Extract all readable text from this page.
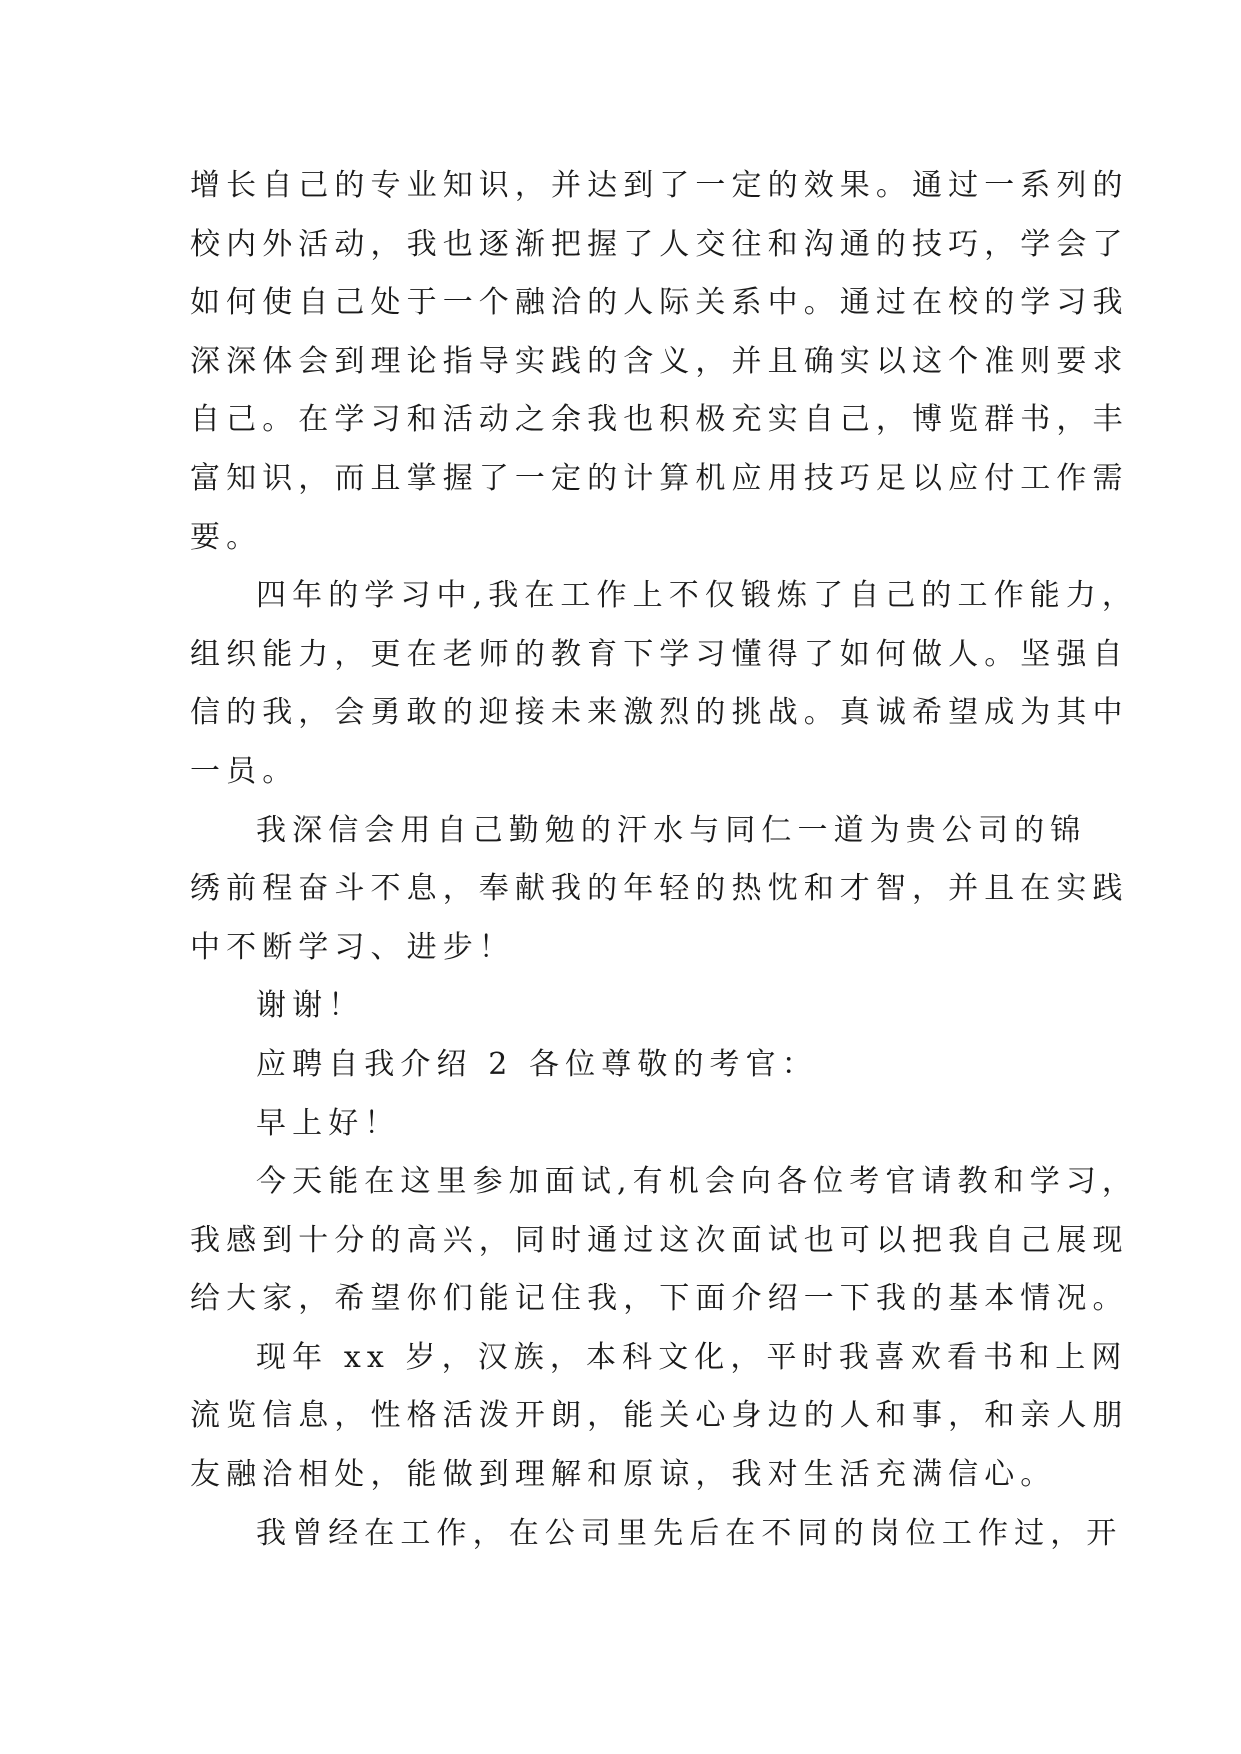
增长自己的专业知识，并达到了一定的效果。通过一系列的
校内外活动，我也逐渐把握了人交往和沟通的技巧，学会了
如何使自己处于一个融洽的人际关系中。通过在校的学习我
深深体会到理论指导实践的含义，并且确实以这个准则要求
自己。在学习和活动之余我也积极充实自己，博览群书，丰
富知识，而且掌握了一定的计算机应用技巧足以应付工作需
要。
四年的学习中,我在工作上不仅锻炼了自己的工作能力，
组织能力，更在老师的教育下学习懂得了如何做人。坚强自
信的我，会勇敢的迎接未来激烈的挑战。真诚希望成为其中
一员。
我深信会用自己勤勉的汗水与同仁一道为贵公司的锦
绣前程奋斗不息，奉献我的年轻的热忱和才智，并且在实践
中不断学习、进步！
谢谢！
应聘自我介绍 2 各位尊敬的考官：
早上好！
今天能在这里参加面试,有机会向各位考官请教和学习，
我感到十分的高兴，同时通过这次面试也可以把我自己展现
给大家，希望你们能记住我，下面介绍一下我的基本情况。
现年 xx 岁，汉族，本科文化，平时我喜欢看书和上网
流览信息，性格活泼开朗，能关心身边的人和事，和亲人朋
友融洽相处，能做到理解和原谅，我对生活充满信心。
我曾经在工作，在公司里先后在不同的岗位工作过，开
